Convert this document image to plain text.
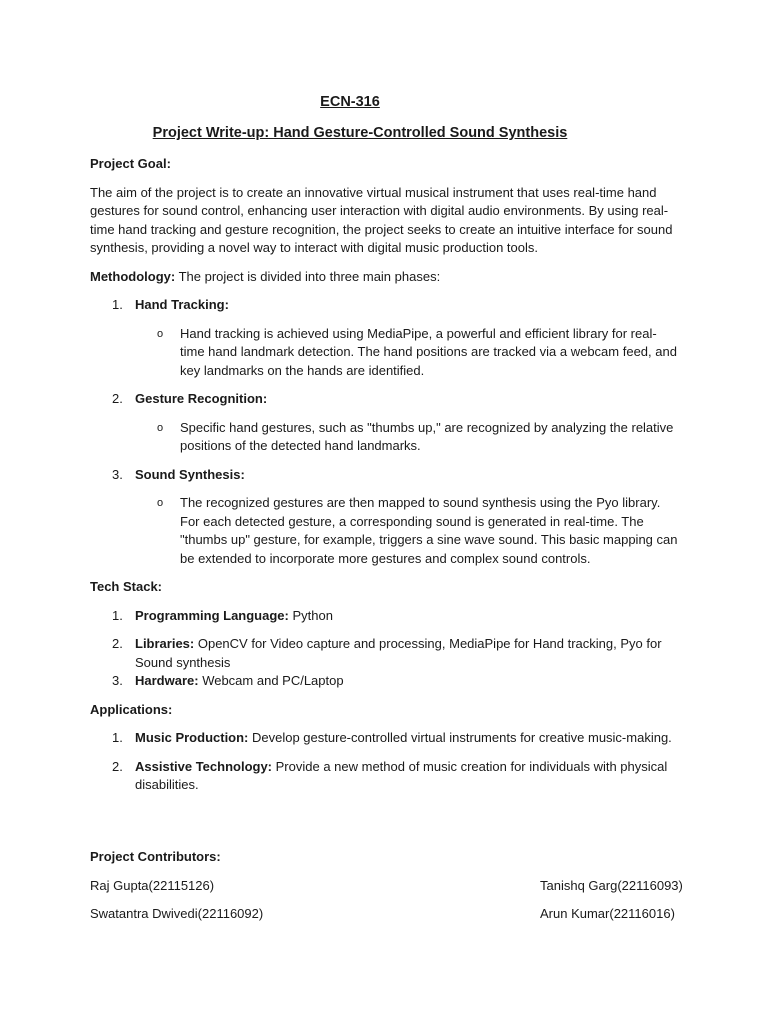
ECN-316
Project Write-up: Hand Gesture-Controlled Sound Synthesis
Project Goal:

The aim of the project is to create an innovative virtual musical instrument that uses real-time hand gestures for sound control, enhancing user interaction with digital audio environments. By using real-time hand tracking and gesture recognition, the project seeks to create an intuitive interface for sound synthesis, providing a novel way to interact with digital music production tools.

Methodology: The project is divided into three main phases:

1. Hand Tracking:
o Hand tracking is achieved using MediaPipe, a powerful and efficient library for real-time hand landmark detection. The hand positions are tracked via a webcam feed, and key landmarks on the hands are identified.
2. Gesture Recognition:
o Specific hand gestures, such as "thumbs up," are recognized by analyzing the relative positions of the detected hand landmarks.
3. Sound Synthesis:
o The recognized gestures are then mapped to sound synthesis using the Pyo library. For each detected gesture, a corresponding sound is generated in real-time. The "thumbs up" gesture, for example, triggers a sine wave sound. This basic mapping can be extended to incorporate more gestures and complex sound controls.
Tech Stack:
1. Programming Language: Python
2. Libraries: OpenCV for Video capture and processing, MediaPipe for Hand tracking, Pyo for Sound synthesis
3. Hardware: Webcam and PC/Laptop
Applications:
1. Music Production: Develop gesture-controlled virtual instruments for creative music-making.
2. Assistive Technology: Provide a new method of music creation for individuals with physical disabilities.
Project Contributors:
Raj Gupta(22115126)	Tanishq Garg(22116093)
Swatantra Dwivedi(22116092)	Arun Kumar(22116016)
